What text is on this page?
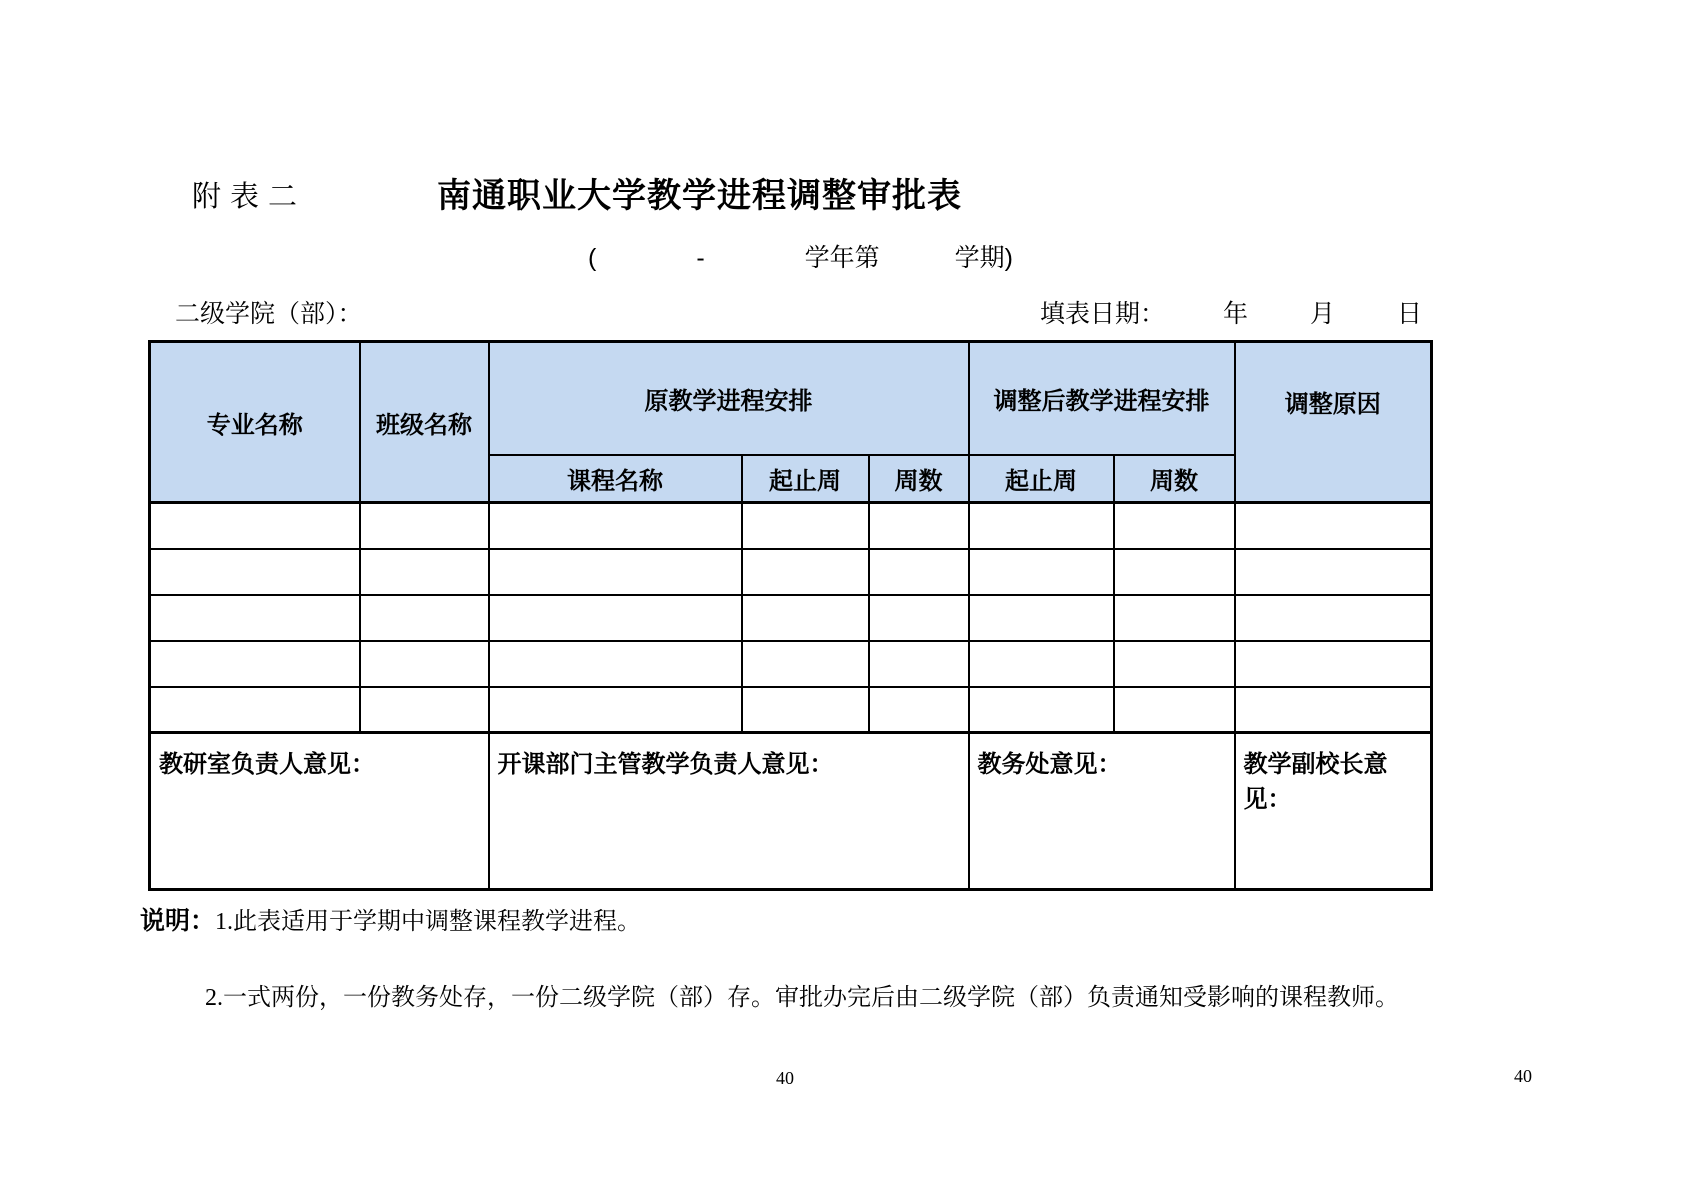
附表二	南通职业大学教学进程调整审批表
(　　　　-　　　　学年第　　　学期)
二级学院（部）：	填表日期： 年 月 日
专业名称	班级名称	原教学进程安排			调整后教学进程安排		调整原因
		课程名称	起止周	周数	起止周	周数	

教研室负责人意见：		开课部门主管教学负责人意见：			教务处意见：		教学副校长意见：
说明：1.此表适用于学期中调整课程教学进程。
2.一式两份，一份教务处存，一份二级学院（部）存。审批办完后由二级学院（部）负责通知受影响的课程教师。
40	40
